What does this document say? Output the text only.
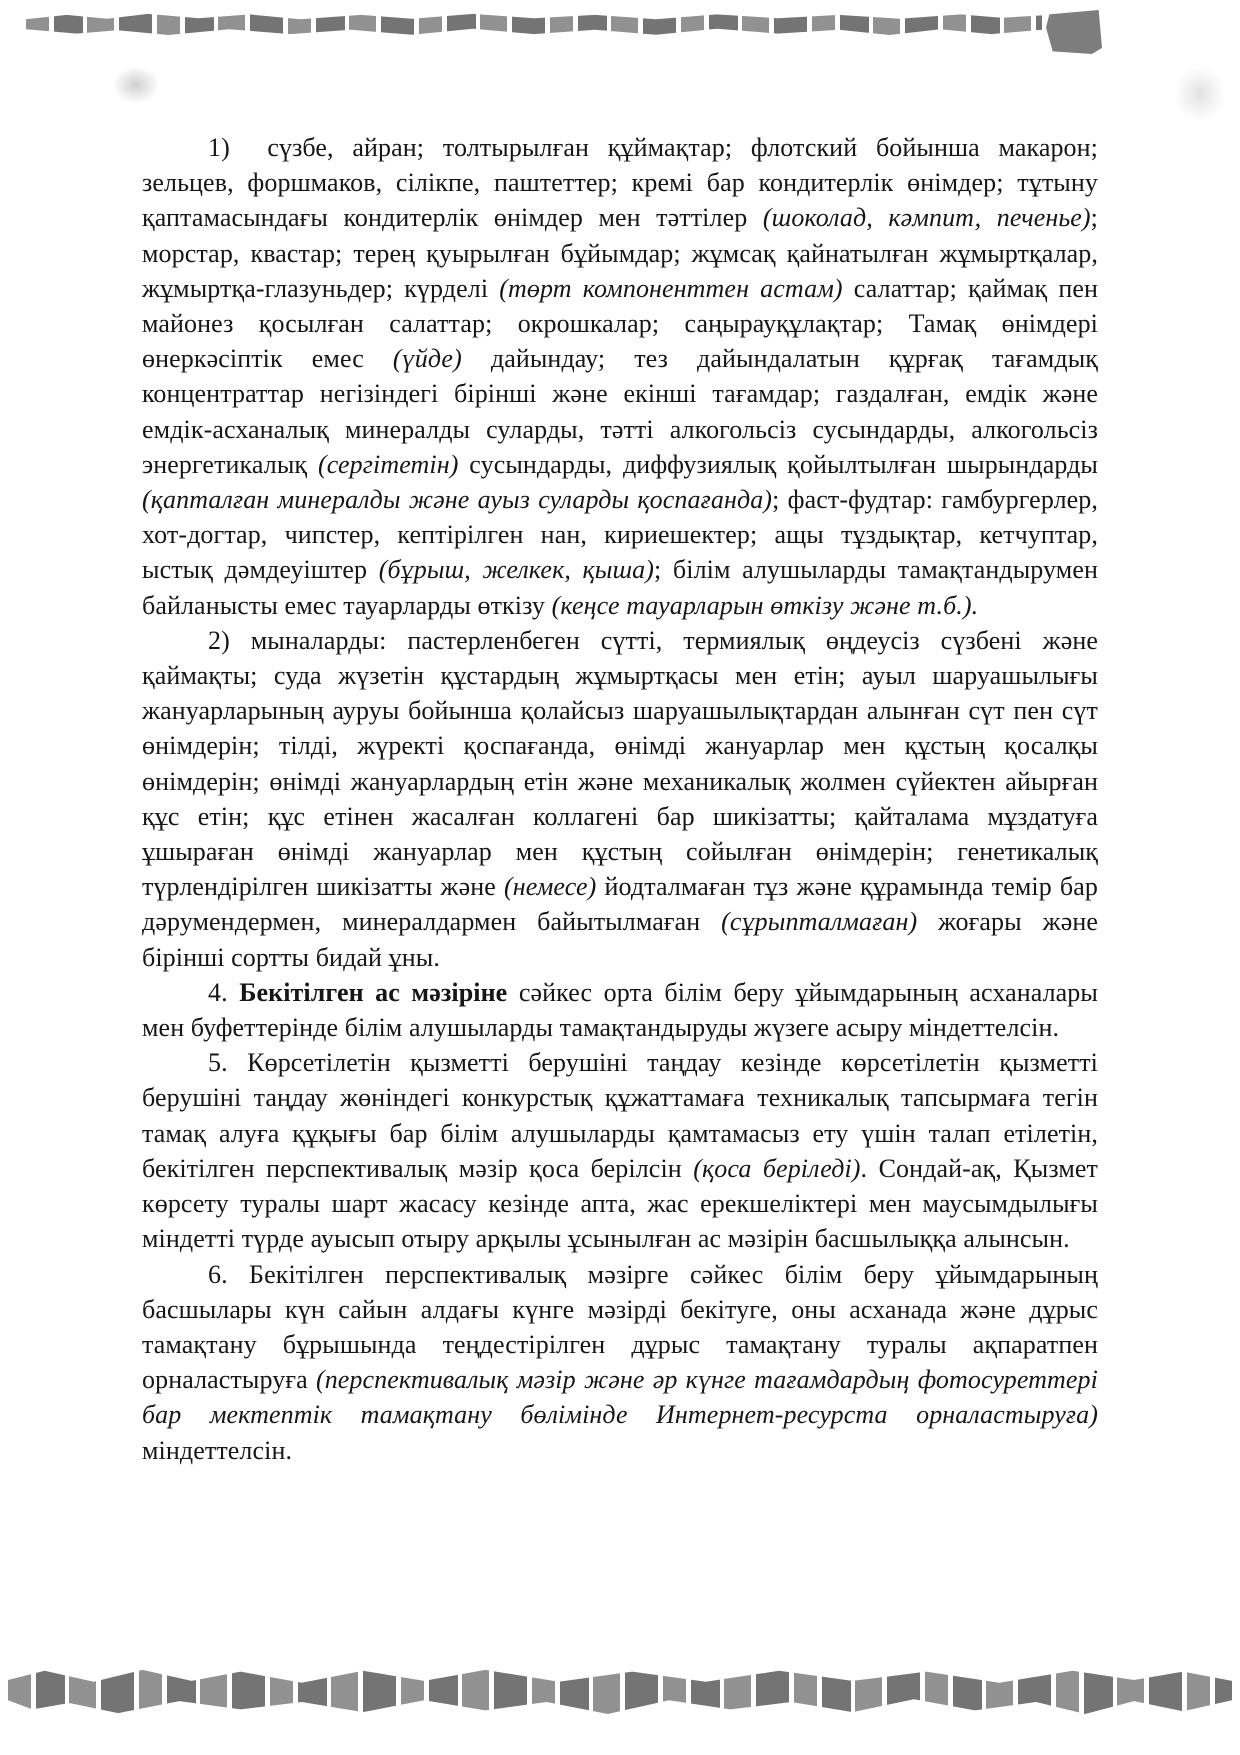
1)  сүзбе, айран; толтырылған құймақтар; флотский бойынша макарон; зельцев, форшмаков, сілікпе, паштеттер; кремі бар кондитерлік өнімдер; тұтыну қаптамасындағы кондитерлік өнімдер мен тәттілер (шоколад, кәмпит, печенье); морстар, квастар; терең қуырылған бұйымдар; жұмсақ қайнатылған жұмыртқалар, жұмыртқа-глазуньдер; күрделі (төрт компоненттен астам) салаттар; қаймақ пен майонез қосылған салаттар; окрошкалар; саңырауқұлақтар; Тамақ өнімдері өнеркәсіптік емес (үйде) дайындау; тез дайындалатын құрғақ тағамдық концентраттар негізіндегі бірінші және екінші тағамдар; газдалған, емдік және емдік-асханалық минералды суларды, тәтті алкогольсіз сусындарды, алкогольсіз энергетикалық (сергітетін) сусындарды, диффузиялық қойылтылған шырындарды (қапталған минералды және ауыз суларды қоспағанда); фаст-фудтар: гамбургерлер, хот-догтар, чипстер, кептірілген нан, кириешектер; ащы тұздықтар, кетчуптар, ыстық дәмдеуіштер (бұрыш, желкек, қыша); білім алушыларды тамақтандырумен байланысты емес тауарларды өткізу (кеңсе тауарларын өткізу және т.б.).

2) мыналарды: пастерленбеген сүтті, термиялық өңдеусіз сүзбені және қаймақты; суда жүзетін құстардың жұмыртқасы мен етін; ауыл шаруашылығы жануарларының ауруы бойынша қолайсыз шаруашылықтардан алынған сүт пен сүт өнімдерін; тілді, жүректі қоспағанда, өнімді жануарлар мен құстың қосалқы өнімдерін; өнімді жануарлардың етін және механикалық жолмен сүйектен айырған құс етін; құс етінен жасалған коллагені бар шикізатты; қайталама мұздатуға ұшыраған өнімді жануарлар мен құстың сойылған өнімдерін; генетикалық түрлендірілген шикізатты және (немесе) йодталмаған тұз және құрамында темір бар дәрумендермен, минералдармен байытылмаған (сұрыпталмаған) жоғары және бірінші сортты бидай ұны.

4. Бекітілген ас мәзіріне сәйкес орта білім беру ұйымдарының асханалары мен буфеттерінде білім алушыларды тамақтандыруды жүзеге асыру міндеттелсін.

5. Көрсетілетін қызметті берушіні таңдау кезінде көрсетілетін қызметті берушіні таңдау жөніндегі конкурстық құжаттамаға техникалық тапсырмаға тегін тамақ алуға құқығы бар білім алушыларды қамтамасыз ету үшін талап етілетін, бекітілген перспективалық мәзір қоса берілсін (қоса беріледі). Сондай-ақ, Қызмет көрсету туралы шарт жасасу кезінде апта, жас ерекшеліктері мен маусымдылығы міндетті түрде ауысып отыру арқылы ұсынылған ас мәзірін басшылыққа алынсын.

6. Бекітілген перспективалық мәзірге сәйкес білім беру ұйымдарының басшылары күн сайын алдағы күнге мәзірді бекітуге, оны асханада және дұрыс тамақтану бұрышында теңдестірілген дұрыс тамақтану туралы ақпаратпен орналастыруға (перспективалық мәзір және әр күнге тағамдардың фотосуреттері бар мектептік тамақтану бөлімінде Интернет-ресурста орналастыруға) міндеттелсін.
